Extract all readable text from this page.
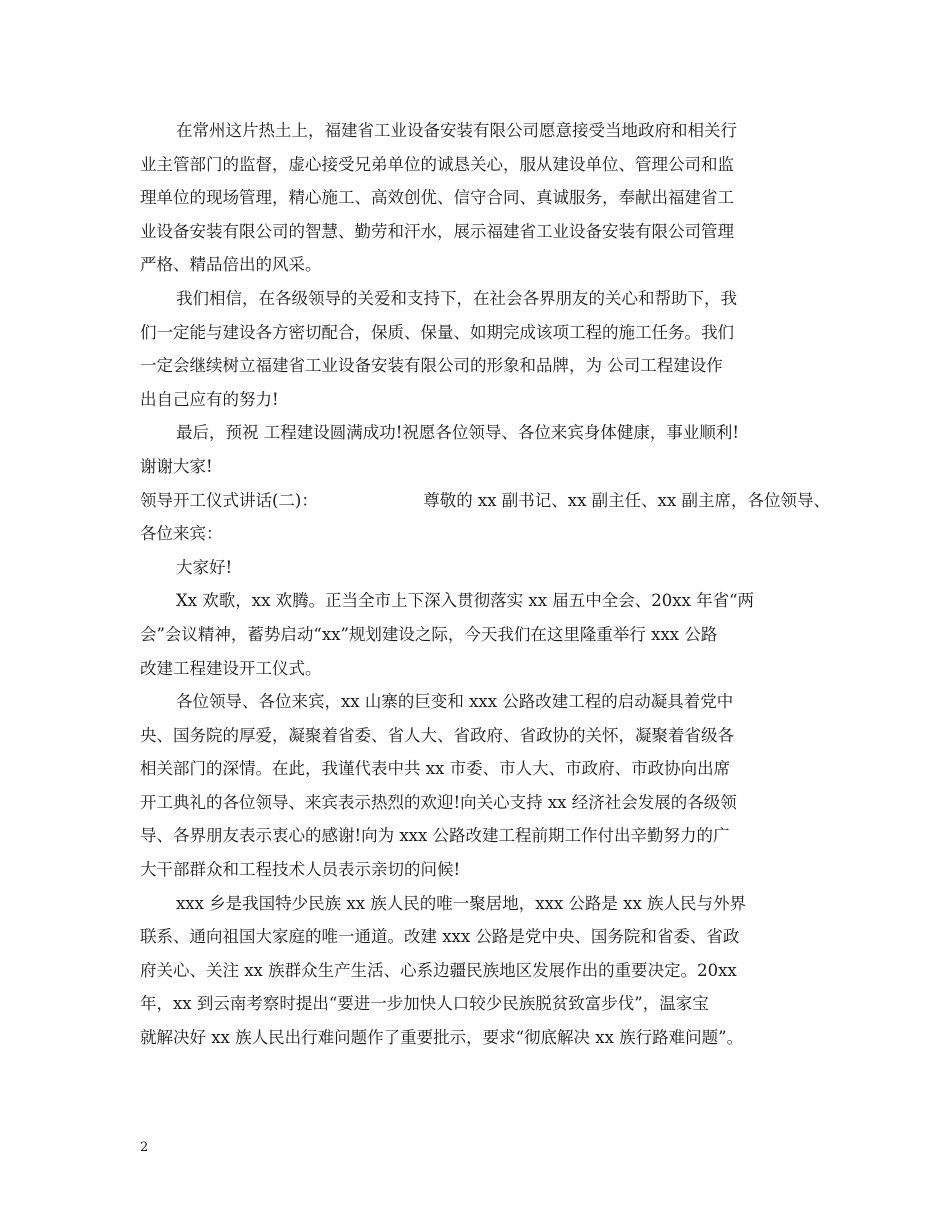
在常州这片热土上，福建省工业设备安装有限公司愿意接受当地政府和相关行
业主管部门的监督，虚心接受兄弟单位的诚恳关心，服从建设单位、管理公司和监
理单位的现场管理，精心施工、高效创优、信守合同、真诚服务，奉献出福建省工
业设备安装有限公司的智慧、勤劳和汗水，展示福建省工业设备安装有限公司管理
严格、精品倍出的风采。
我们相信，在各级领导的关爱和支持下，在社会各界朋友的关心和帮助下，我
们一定能与建设各方密切配合，保质、保量、如期完成该项工程的施工任务。我们
一定会继续树立福建省工业设备安装有限公司的形象和品牌，为 公司工程建设作
出自己应有的努力!
最后，预祝 工程建设圆满成功!祝愿各位领导、各位来宾身体健康，事业顺利!
谢谢大家!
领导开工仪式讲话(二)：	尊敬的 xx 副书记、xx 副主任、xx 副主席，各位领导、
各位来宾：
大家好!
Xx 欢歌，xx 欢腾。正当全市上下深入贯彻落实 xx 届五中全会、20xx 年省“两
会”会议精神，蓄势启动“xx”规划建设之际，今天我们在这里隆重举行 xxx 公路
改建工程建设开工仪式。
各位领导、各位来宾，xx 山寨的巨变和 xxx 公路改建工程的启动凝具着党中
央、国务院的厚爱，凝聚着省委、省人大、省政府、省政协的关怀，凝聚着省级各
相关部门的深情。在此，我谨代表中共 xx 市委、市人大、市政府、市政协向出席
开工典礼的各位领导、来宾表示热烈的欢迎!向关心支持 xx 经济社会发展的各级领
导、各界朋友表示衷心的感谢!向为 xxx 公路改建工程前期工作付出辛勤努力的广
大干部群众和工程技术人员表示亲切的问候!
xxx 乡是我国特少民族 xx 族人民的唯一聚居地，xxx 公路是 xx 族人民与外界
联系、通向祖国大家庭的唯一通道。改建 xxx 公路是党中央、国务院和省委、省政
府关心、关注 xx 族群众生产生活、心系边疆民族地区发展作出的重要决定。20xx
年，xx 到云南考察时提出“要进一步加快人口较少民族脱贫致富步伐”，温家宝
就解决好 xx 族人民出行难问题作了重要批示，要求“彻底解决 xx 族行路难问题”。
2
